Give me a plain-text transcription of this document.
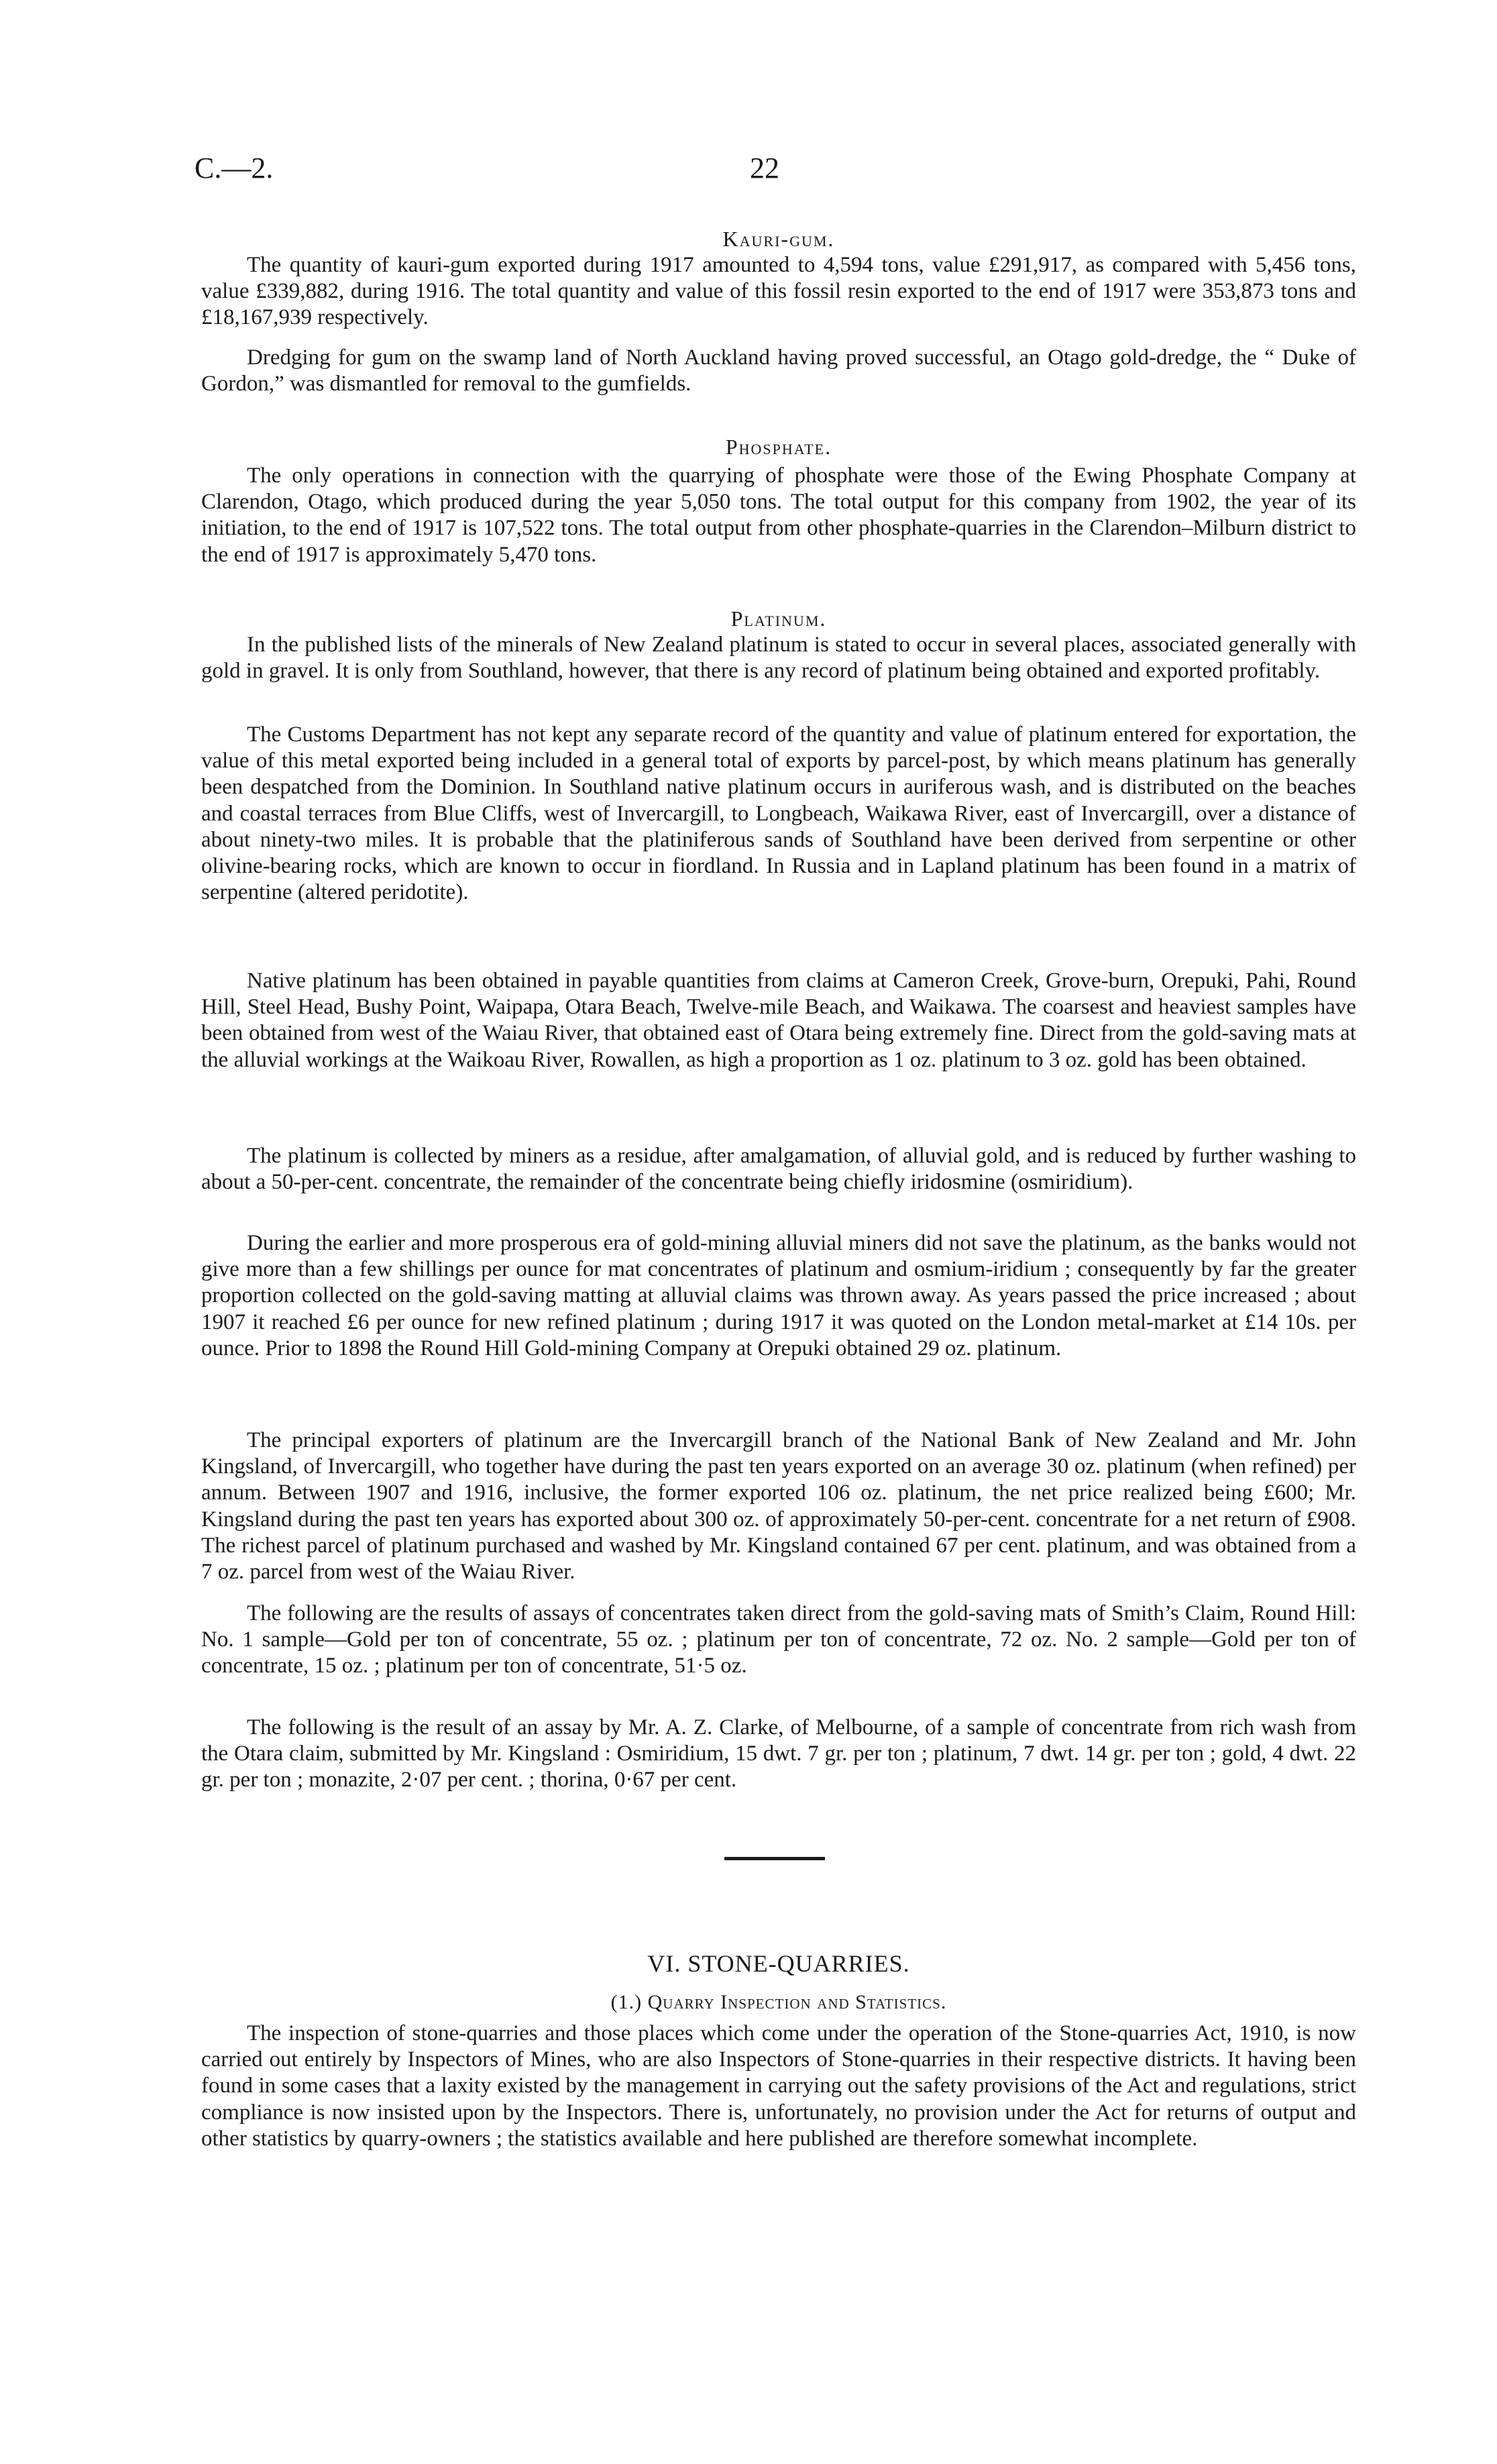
C.—2.	22
Kauri-gum.

The quantity of kauri-gum exported during 1917 amounted to 4,594 tons, value £291,917, as compared with 5,456 tons, value £339,882, during 1916. The total quantity and value of this fossil resin exported to the end of 1917 were 353,873 tons and £18,167,939 respectively.

Dredging for gum on the swamp land of North Auckland having proved successful, an Otago gold-dredge, the “ Duke of Gordon,” was dismantled for removal to the gumfields.

Phosphate.

The only operations in connection with the quarrying of phosphate were those of the Ewing Phosphate Company at Clarendon, Otago, which produced during the year 5,050 tons. The total output for this company from 1902, the year of its initiation, to the end of 1917 is 107,522 tons. The total output from other phosphate-quarries in the Clarendon–Milburn district to the end of 1917 is approximately 5,470 tons.

Platinum.

In the published lists of the minerals of New Zealand platinum is stated to occur in several places, associated generally with gold in gravel. It is only from Southland, however, that there is any record of platinum being obtained and exported profitably.

The Customs Department has not kept any separate record of the quantity and value of platinum entered for exportation, the value of this metal exported being included in a general total of exports by parcel-post, by which means platinum has generally been despatched from the Dominion. In Southland native platinum occurs in auriferous wash, and is distributed on the beaches and coastal terraces from Blue Cliffs, west of Invercargill, to Longbeach, Waikawa River, east of Invercargill, over a distance of about ninety-two miles. It is probable that the platiniferous sands of Southland have been derived from serpentine or other olivine-bearing rocks, which are known to occur in fiordland. In Russia and in Lapland platinum has been found in a matrix of serpentine (altered peridotite).

Native platinum has been obtained in payable quantities from claims at Cameron Creek, Grove-burn, Orepuki, Pahi, Round Hill, Steel Head, Bushy Point, Waipapa, Otara Beach, Twelve-mile Beach, and Waikawa. The coarsest and heaviest samples have been obtained from west of the Waiau River, that obtained east of Otara being extremely fine. Direct from the gold-saving mats at the alluvial workings at the Waikoau River, Rowallen, as high a proportion as 1 oz. platinum to 3 oz. gold has been obtained.

The platinum is collected by miners as a residue, after amalgamation, of alluvial gold, and is reduced by further washing to about a 50-per-cent. concentrate, the remainder of the concentrate being chiefly iridosmine (osmiridium).

During the earlier and more prosperous era of gold-mining alluvial miners did not save the platinum, as the banks would not give more than a few shillings per ounce for mat concentrates of platinum and osmium-iridium ; consequently by far the greater proportion collected on the gold-saving matting at alluvial claims was thrown away. As years passed the price increased ; about 1907 it reached £6 per ounce for new refined platinum ; during 1917 it was quoted on the London metal-market at £14 10s. per ounce. Prior to 1898 the Round Hill Gold-mining Company at Orepuki obtained 29 oz. platinum.

The principal exporters of platinum are the Invercargill branch of the National Bank of New Zealand and Mr. John Kingsland, of Invercargill, who together have during the past ten years exported on an average 30 oz. platinum (when refined) per annum. Between 1907 and 1916, inclusive, the former exported 106 oz. platinum, the net price realized being £600; Mr. Kingsland during the past ten years has exported about 300 oz. of approximately 50-per-cent. concentrate for a net return of £908. The richest parcel of platinum purchased and washed by Mr. Kingsland contained 67 per cent. platinum, and was obtained from a 7 oz. parcel from west of the Waiau River.

The following are the results of assays of concentrates taken direct from the gold-saving mats of Smith’s Claim, Round Hill: No. 1 sample—Gold per ton of concentrate, 55 oz. ; platinum per ton of concentrate, 72 oz. No. 2 sample—Gold per ton of concentrate, 15 oz. ; platinum per ton of concentrate, 51·5 oz.

The following is the result of an assay by Mr. A. Z. Clarke, of Melbourne, of a sample of concentrate from rich wash from the Otara claim, submitted by Mr. Kingsland : Osmiridium, 15 dwt. 7 gr. per ton ; platinum, 7 dwt. 14 gr. per ton ; gold, 4 dwt. 22 gr. per ton ; monazite, 2·07 per cent. ; thorina, 0·67 per cent.

VI. STONE-QUARRIES.
(1.) Quarry Inspection and Statistics.

The inspection of stone-quarries and those places which come under the operation of the Stone-quarries Act, 1910, is now carried out entirely by Inspectors of Mines, who are also Inspectors of Stone-quarries in their respective districts. It having been found in some cases that a laxity existed by the management in carrying out the safety provisions of the Act and regulations, strict compliance is now insisted upon by the Inspectors. There is, unfortunately, no provision under the Act for returns of output and other statistics by quarry-owners ; the statistics available and here published are therefore somewhat incomplete.
